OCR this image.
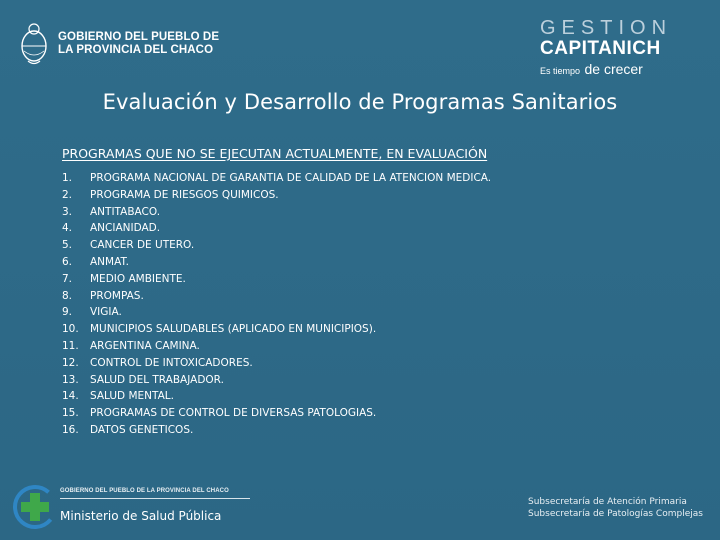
GOBIERNO DEL PUEBLO DE
LA PROVINCIA DEL CHACO
GESTION
CAPITANICH
Es tiempo de crecer
Evaluación y Desarrollo de Programas Sanitarios
PROGRAMAS QUE NO SE EJECUTAN ACTUALMENTE, EN EVALUACIÓN
1.	PROGRAMA NACIONAL DE GARANTIA DE CALIDAD DE LA ATENCION MEDICA.
2.	PROGRAMA DE RIESGOS QUIMICOS.
3.	ANTITABACO.
4.	ANCIANIDAD.
5.	CANCER DE UTERO.
6.	ANMAT.
7.	MEDIO AMBIENTE.
8.	PROMPAS.
9.	VIGIA.
10.	MUNICIPIOS SALUDABLES (APLICADO EN MUNICIPIOS).
11.	ARGENTINA CAMINA.
12.	CONTROL DE INTOXICADORES.
13.	SALUD DEL TRABAJADOR.
14.	SALUD MENTAL.
15.	PROGRAMAS DE CONTROL DE DIVERSAS PATOLOGIAS.
16.	DATOS GENETICOS.
GOBIERNO DEL PUEBLO DE LA PROVINCIA DEL CHACO
Ministerio de Salud Pública
Subsecretaría de Atención Primaria
Subsecretaría de Patologías Complejas
